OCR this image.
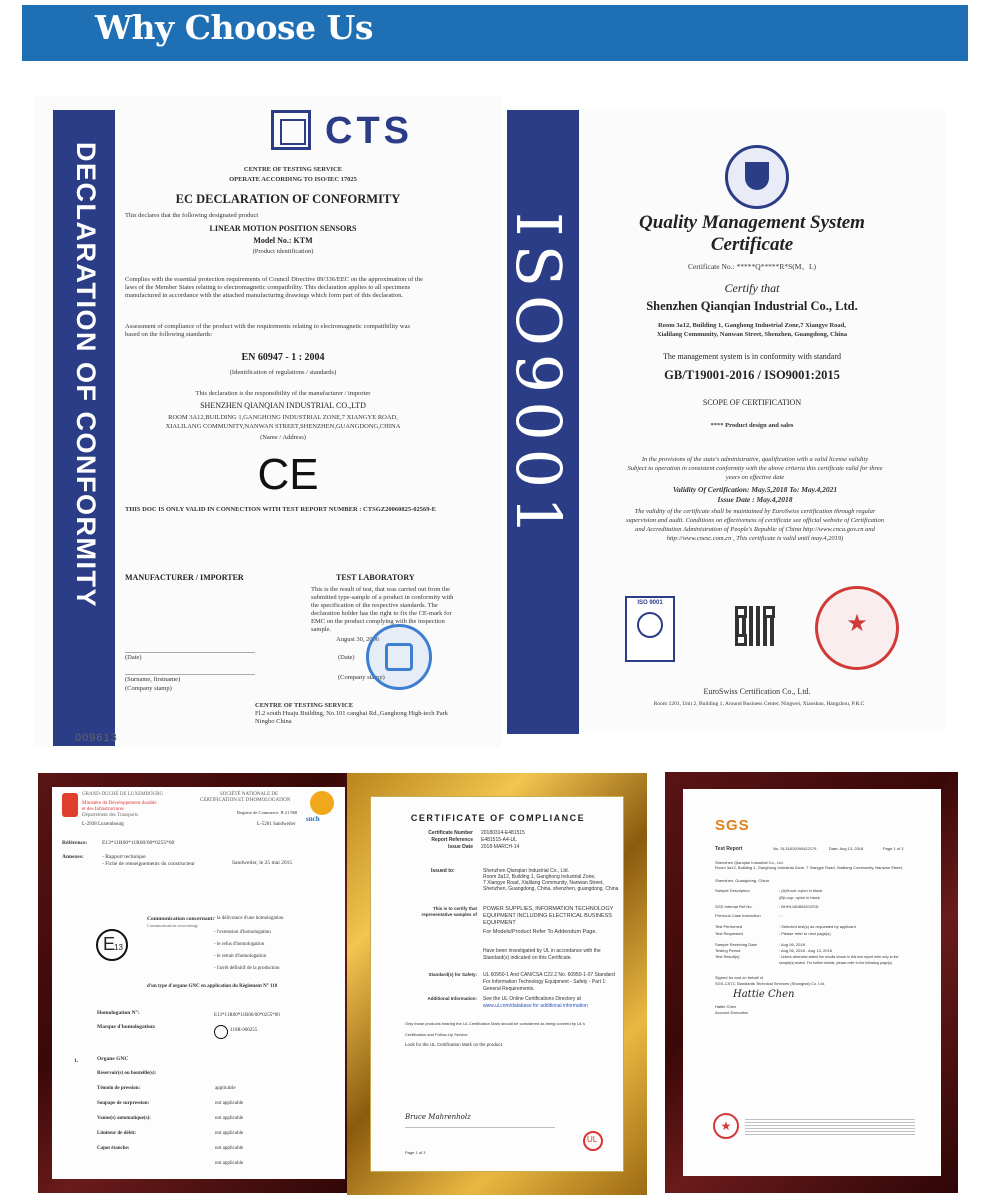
Why Choose Us
DECLARATION OF CONFORMITY
CTS
CENTRE OF TESTING SERVICE
OPERATE ACCORDING TO ISO/IEC 17025
EC DECLARATION OF CONFORMITY
This declares that the following designated product
LINEAR MOTION POSITION SENSORS
Model No.: KTM
(Product identification)
Complies with the essential protection requirements of Council Directive 89/336/EEC on the approximation of the laws of the Member States relating to electromagnetic compatibility. This declaration applies to all specimens manufactured in accordance with the attached manufacturing drawings which form part of this declaration.
Assessment of compliance of the product with the requirements relating to electromagnetic compatibility was based on the following standards:
EN 60947 - 1 : 2004
(Identification of regulations / standards)
This declaration is the responsibility of the manufacturer / importer
SHENZHEN QIANQIAN INDUSTRIAL CO.,LTD
ROOM 3A12,BUILDING 1,GANGHONG INDUSTRIAL ZONE,7 XIANGYE ROAD,
XIALILANG COMMUNITY,NANWAN STREET,SHENZHEN,GUANGDONG,CHINA
(Name / Address)
CE
THIS DOC IS ONLY VALID IN CONNECTION WITH TEST REPORT NUMBER : CTSGZ20060825-02569-E
MANUFACTURER / IMPORTER	TEST LABORATORY
This is the result of test, that was carried out from the submitted type-sample of a product in conformity with the specification of the respective standards. The declaration holder has the right to fix the CE-mark for EMC on the product complying with the inspection sample.
August 30, 2006
(Date)	(Date)
(Surname, firstname)
(Company stamp)
(Company stamp)
CENTRE OF TESTING SERVICE
Fl.2 south Huaju Building, No.101 canghai Rd.,Ganghong High-tech Park
Ningbo China
009613
ISO9001	Quality Management System
Certificate
Certificate No.: *****Q*****R*S(M、L)
Certify that
Shenzhen Qianqian Industrial Co., Ltd.
Room 3a12, Building 1, Ganghong Industrial Zone,7 Xiangye Road,
Xialilang Community, Nanwan Street, Shenzhen, Guangdong, China
The management system is in conformity with standard
GB/T19001-2016 / ISO9001:2015
SCOPE OF CERTIFICATION
**** Product design and sales
In the provisions of the state's administrative, qualification with a valid license validity
Subject to operation in consistent conformity with the above criteria this certificate valid for three
years on effective date
Validity Of Certification: May.5,2018 To: May.4,2021
Issue Date : May.4,2018
The validity of the certificate shall be maintained by EuroSwiss certification through regular
supervision and audit. Conditions on effectiveness of certificate see official website of Certification
and Accreditation Administration of People's Republic of China http://www.cnca.gov.cn and
http://www.cnesc.com.cn , This certificate is valid until may.4,2019)
ISO 9001
★
EuroSwiss Certification Co., Ltd.
Room 1201, Unit 2, Building 1, Around Business Center, Ningwei, Xiaoshan, Hangzhou, P.R.C
GRAND-DUCHÉ DE LUXEMBOURG
Ministère du Développement durable
et des Infrastructures
Département des Transports
L-2938 Luxembourg
SOCIÉTÉ NATIONALE DE
CERTIFICATION ET D'HOMOLOGATION
snch
Registre de Commerce: B 21 968
L-5201 Sandweiler
Référence:	E13*11R00*11R00/00*0255*00
Annexes:	- Rapport technique
- Fiche de renseignements du constructeur	Sandweiler, le 25 mai 2015
E
13
Communication concernant:
Communication concerning:
- la délivrance d'une homologation
- l'extension d'homologation
- le refus d'homologation
- le retrait d'homologation
- l'arrêt définitif de la production
d'un type d'organe GNC en application du Règlement N° 110
Homologation N°:	E13*11R00*11R00/00*0255*00
Marque d'homologation:
110R-000255
1.	Organe GNC
Réservoir(s) ou bouteille(s):
Témoin de pression:	applicable
Soupape de surpression:	not applicable
Vanne(s) automatique(s):	not applicable
Limiteur de débit:	not applicable
Capot étanche:	not applicable
not applicable
CERTIFICATE OF COMPLIANCE
Certificate Number	20180314-E481515
Report Reference	E481515-A4-UL
Issue Date	2018-MARCH-14
Issued to:	Shenzhen Qianqian Industrial Co., Ltd.
Room 3a12, Building 1, Ganghong Industrial Zone,
7 Xiangye Road, Xialilang Community, Nanwan Street,
Shenzhen, Guangdong, China, shenzhen, guangdong, China
This is to certify that
representative samples of
POWER SUPPLIES, INFORMATION TECHNOLOGY
EQUIPMENT INCLUDING ELECTRICAL BUSINESS
EQUIPMENT
For Models/Product Refer To Addendum Page.
Have been investigated by UL in accordance with the
Standard(s) indicated on this Certificate.
Standard(s) for Safety: UL 60950-1 And CAN/CSA C22.2 No. 60950-1-07 Standard
For Information Technology Equipment - Safety - Part 1:
General Requirements.
Additional Information: See the UL Online Certifications Directory at
www.ul.com/database for additional information
Only those products bearing the UL Certification Mark should be considered as being covered by UL's
Certification and Follow-Up Service.
Look for the UL Certification Mark on the product.
Bruce Mahrenholz
UL
Page 1 of 3
SGS
Test Report	No. SL31810090422179	Date: Aug 13, 2018	Page 1 of 3
Shenzhen Qianqian Industrial Co., Ltd.
Room 3a12, Building 1, Ganghong Industrial Zone, 7 Xiangye Road, Xialilang Community, Nanwan Street,
Shenzhen, Guangdong, China
Sample Description	: (A)Hook: nylon in black
(B)Loop: nylon in black
SGS Internal Ref No.	: BHHL18080420/2SD
Previous Case Instruction	: -
Test Performed	: Selected test(s) as requested by applicant
Test Requested	: Please refer to next page(s)
Sample Receiving Date	: Aug 06, 2018
Testing Period	: Aug 06, 2018 - Aug 13, 2018
Test Result(s)	: Unless otherwise stated the results shown in this test report refer only to the
sample(s) tested. For further details, please refer to the following page(s)
Signed for and on behalf of
SGS-CSTC Standards Technical Services (Shanghai) Co. Ltd.
Hattie Chen
Hattie Chen
Account Executive
★
